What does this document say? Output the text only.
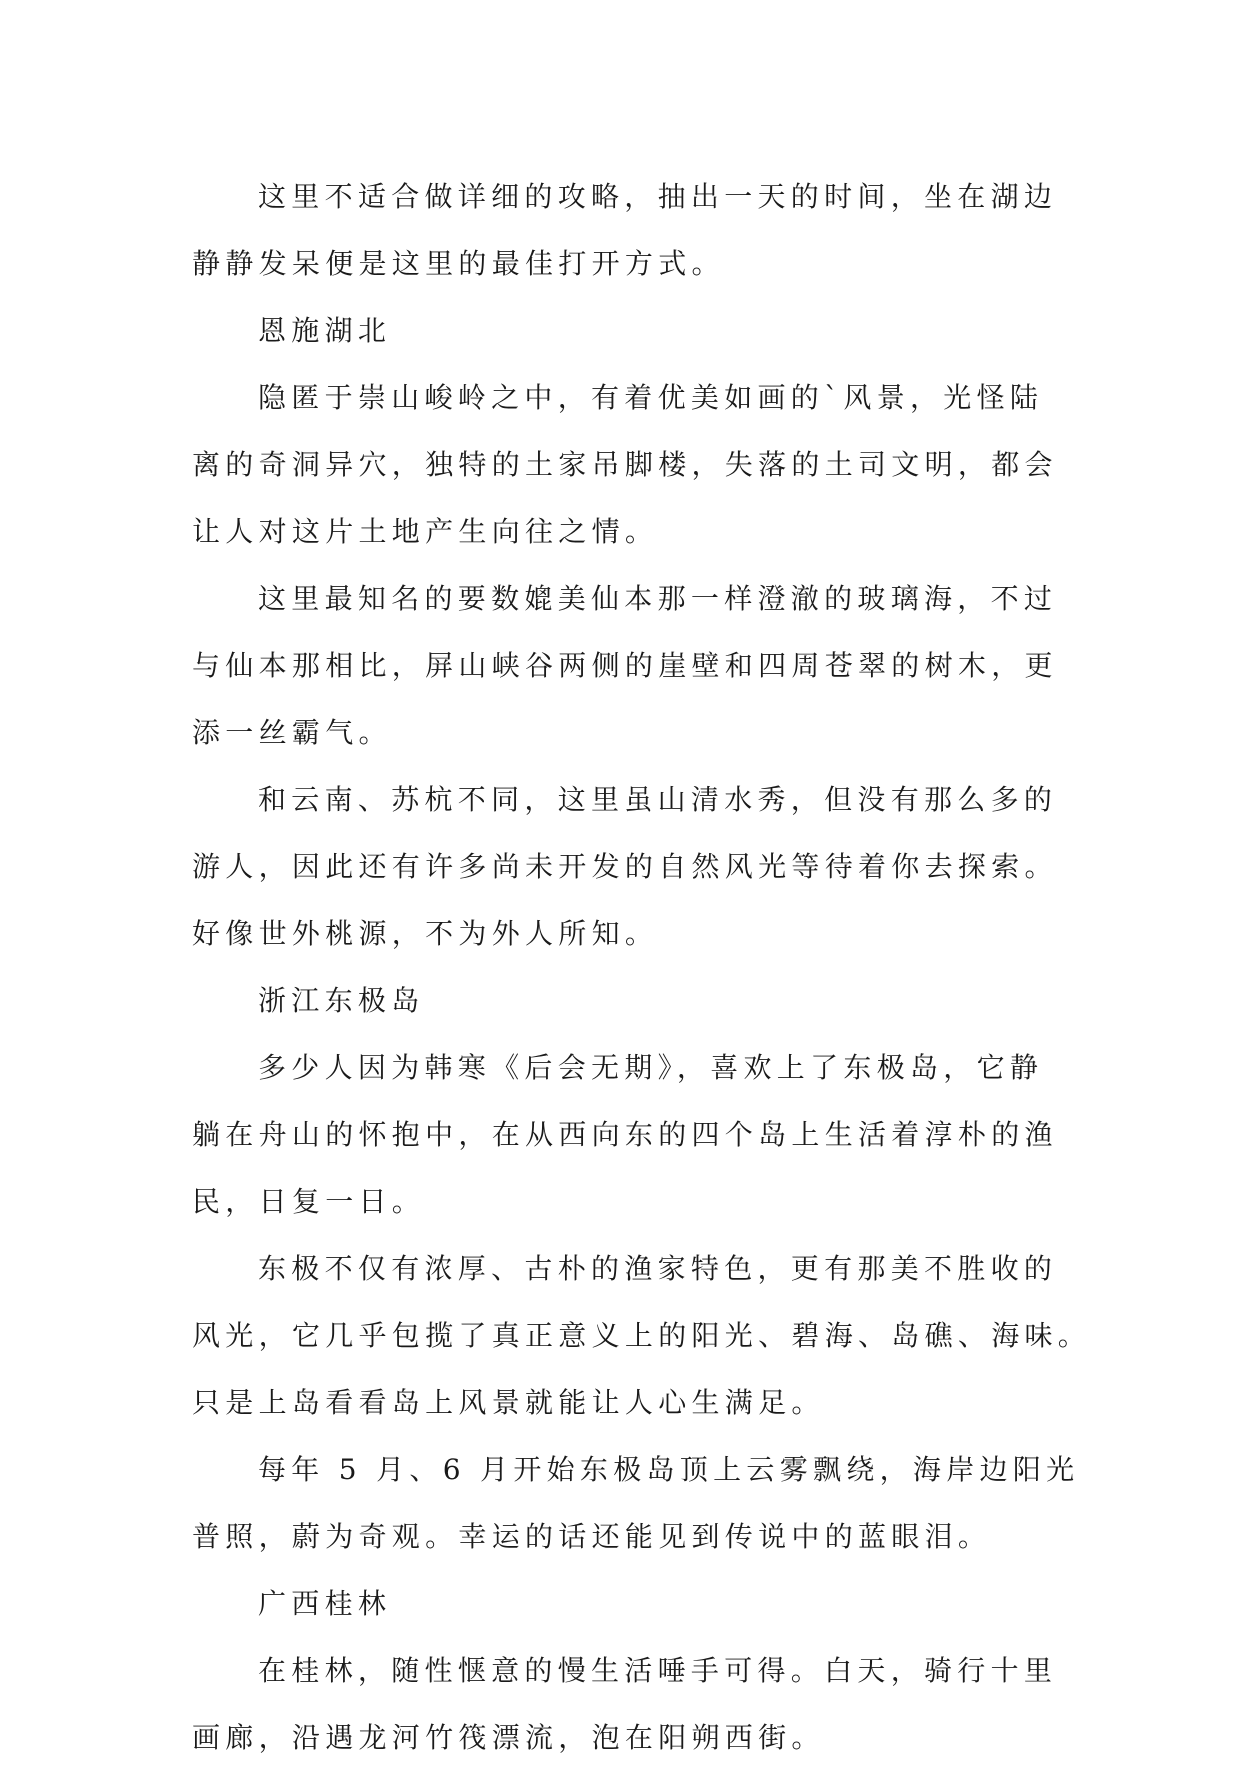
这里不适合做详细的攻略，抽出一天的时间，坐在湖边
静静发呆便是这里的最佳打开方式。

恩施湖北

隐匿于崇山峻岭之中，有着优美如画的`风景，光怪陆
离的奇洞异穴，独特的土家吊脚楼，失落的土司文明，都会
让人对这片土地产生向往之情。

这里最知名的要数媲美仙本那一样澄澈的玻璃海，不过
与仙本那相比，屏山峡谷两侧的崖壁和四周苍翠的树木，更
添一丝霸气。

和云南、苏杭不同，这里虽山清水秀，但没有那么多的
游人，因此还有许多尚未开发的自然风光等待着你去探索。
好像世外桃源，不为外人所知。

浙江东极岛

多少人因为韩寒《后会无期》，喜欢上了东极岛，它静
躺在舟山的怀抱中，在从西向东的四个岛上生活着淳朴的渔
民，日复一日。

东极不仅有浓厚、古朴的渔家特色，更有那美不胜收的
风光，它几乎包揽了真正意义上的阳光、碧海、岛礁、海味。
只是上岛看看岛上风景就能让人心生满足。

每年 5 月、6 月开始东极岛顶上云雾飘绕，海岸边阳光
普照，蔚为奇观。幸运的话还能见到传说中的蓝眼泪。

广西桂林

在桂林，随性惬意的慢生活唾手可得。白天，骑行十里
画廊，沿遇龙河竹筏漂流，泡在阳朔西街。
